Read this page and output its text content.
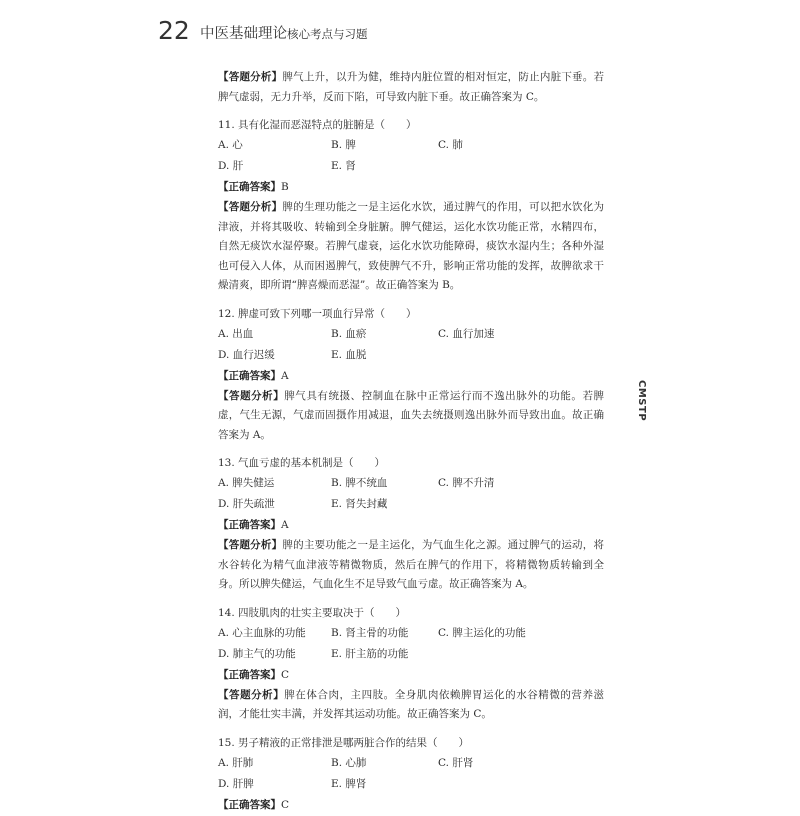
22 中医基础理论核心考点与习题
CMSTP

【答题分析】脾气上升，以升为健，维持内脏位置的相对恒定，防止内脏下垂。若脾气虚弱，无力升举，反而下陷，可导致内脏下垂。故正确答案为 C。

11. 具有化湿而恶湿特点的脏腑是（　　）
A. 心	B. 脾	C. 肺
D. 肝	E. 肾
【正确答案】B

【答题分析】脾的生理功能之一是主运化水饮，通过脾气的作用，可以把水饮化为津液，并将其吸收、转输到全身脏腑。脾气健运，运化水饮功能正常，水精四布，自然无痰饮水湿停聚。若脾气虚衰，运化水饮功能障碍，痰饮水湿内生；各种外湿也可侵入人体，从而困遏脾气，致使脾气不升，影响正常功能的发挥，故脾欲求干燥清爽，即所谓“脾喜燥而恶湿”。故正确答案为 B。

12. 脾虚可致下列哪一项血行异常（　　）
A. 出血	B. 血瘀	C. 血行加速
D. 血行迟缓	E. 血脱
【正确答案】A

【答题分析】脾气具有统摄、控制血在脉中正常运行而不逸出脉外的功能。若脾虚，气生无源，气虚而固摄作用减退，血失去统摄则逸出脉外而导致出血。故正确答案为 A。

13. 气血亏虚的基本机制是（　　）
A. 脾失健运	B. 脾不统血	C. 脾不升清
D. 肝失疏泄	E. 肾失封藏
【正确答案】A

【答题分析】脾的主要功能之一是主运化，为气血生化之源。通过脾气的运动，将水谷转化为精气血津液等精微物质，然后在脾气的作用下，将精微物质转输到全身。所以脾失健运，气血化生不足导致气血亏虚。故正确答案为 A。

14. 四肢肌肉的壮实主要取决于（　　）
A. 心主血脉的功能	B. 肾主骨的功能	C. 脾主运化的功能
D. 肺主气的功能	E. 肝主筋的功能
【正确答案】C

【答题分析】脾在体合肉，主四肢。全身肌肉依赖脾胃运化的水谷精微的营养滋润，才能壮实丰满，并发挥其运动功能。故正确答案为 C。

15. 男子精液的正常排泄是哪两脏合作的结果（　　）
A. 肝肺	B. 心肺	C. 肝肾
D. 肝脾	E. 脾肾
【正确答案】C
